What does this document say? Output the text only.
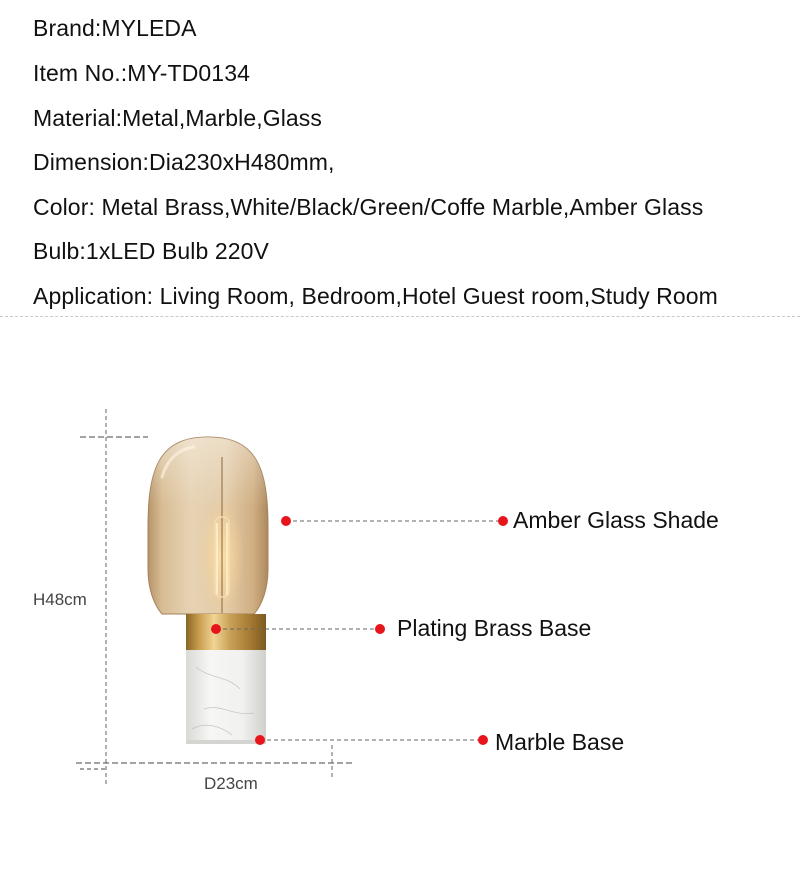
Brand:MYLEDA
Item No.:MY-TD0134
Material:Metal,Marble,Glass
Dimension:Dia230xH480mm,
Color: Metal Brass,White/Black/Green/Coffe Marble,Amber Glass
Bulb:1xLED Bulb 220V
Application: Living Room, Bedroom,Hotel Guest room,Study Room
Amber Glass Shade
Plating Brass Base
Marble Base
H48cm
D23cm
